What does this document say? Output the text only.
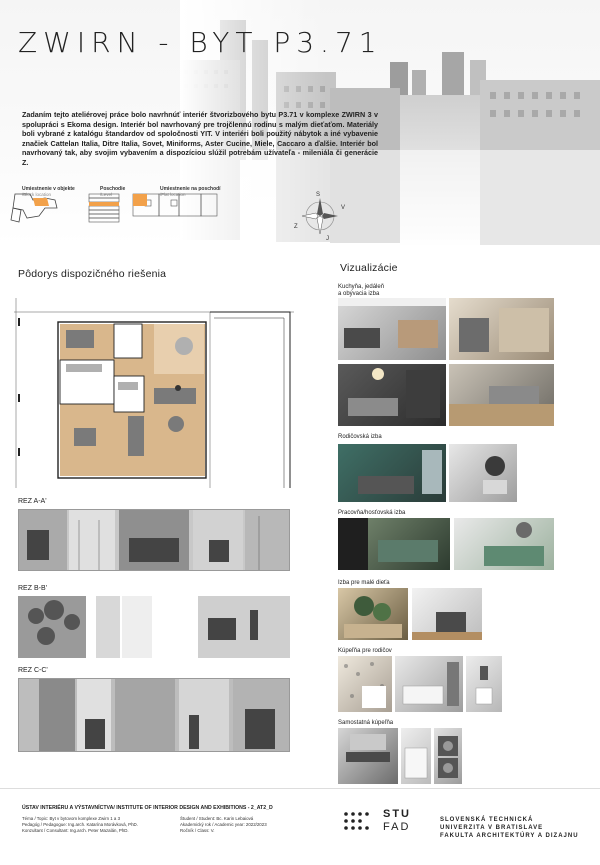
ZWIRN - BYT P3.71
Zadaním tejto ateliérovej práce bolo navrhnúť interiér štvorizbového bytu P3.71 v komplexe ZWIRN 3 v spolupráci s Ekoma design. Interiér bol navrhovaný pre trojčlennú rodinu s malým dieťaťom. Materiály boli vybrané z katalógu štandardov od spoločnosti YIT. V interiéri boli použitý nábytok a iné vybavenie značiek Cattelan Italia, Ditre Italia, Sovet, Miniforms, Aster Cucine, Miele, Caccaro a ďalšie. Interiér bol navrhovaný tak, aby svojim vybavením a dispozíciou slúžil potrebám užívateľa - mileniála či generácie Z.
Umiestnenie v objekte
/Block location
Poschodie
/Level
Umiestnenie na poschodí
/Flat location	S
V
J
Z
Pôdorys dispozičného riešenia
REZ A-A'
REZ B-B'
REZ C-C'
Vizualizácie
Kuchyňa, jedáleň
a obývacia izba
Rodičovská izba
Pracovňa/hosťovská izba
Izba pre malé dieťa
Kúpeľňa pre rodičov
Samostatná kúpeľňa
ÚSTAV INTERIÉRU A VÝSTAVNÍCTVA/ INSTITUTE OF INTERIOR DESIGN AND EXHIBITIONS - 2_AT2_D
Téma / Topic: Byt v bytovom komplexe Zwirn 1 a 3
Pedagóg / Pedagogue: Ing.arch. Katarína Morávková, PhD.
Konzultant / Consultant: Ing.arch. Peter Mazalán, PhD.
Študent / Student: Bc. Karin Lebaiová
Akademický rok / Academic year: 2022/2023
Ročník / Class: V.
STU
FAD
SLOVENSKÁ TECHNICKÁ
UNIVERZITA V BRATISLAVE
FAKULTA ARCHITEKTÚRY A DIZAJNU
